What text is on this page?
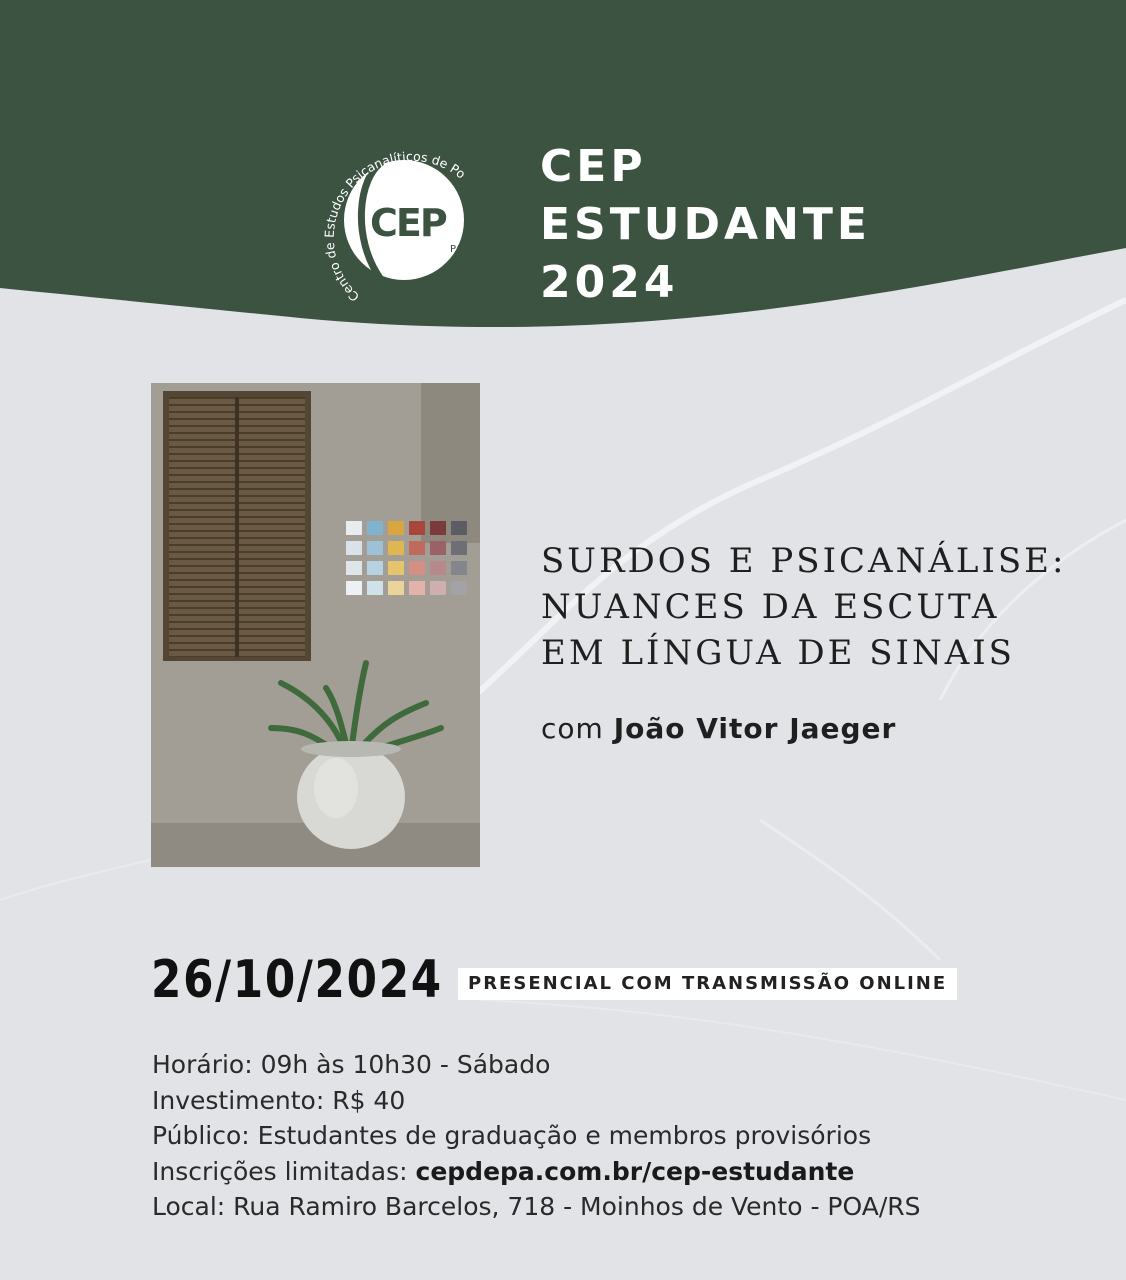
Centro de Estudos Psicanalíticos de Po
CEP
PA
CEP
ESTUDANTE
2024
SURDOS E PSICANÁLISE:
NUANCES DA ESCUTA
EM LÍNGUA DE SINAIS
com João Vitor Jaeger
26/10/2024	PRESENCIAL COM TRANSMISSÃO ONLINE
Horário: 09h às 10h30 - Sábado
Investimento: R$ 40
Público: Estudantes de graduação e membros provisórios
Inscrições limitadas: cepdepa.com.br/cep-estudante
Local: Rua Ramiro Barcelos, 718 - Moinhos de Vento - POA/RS
